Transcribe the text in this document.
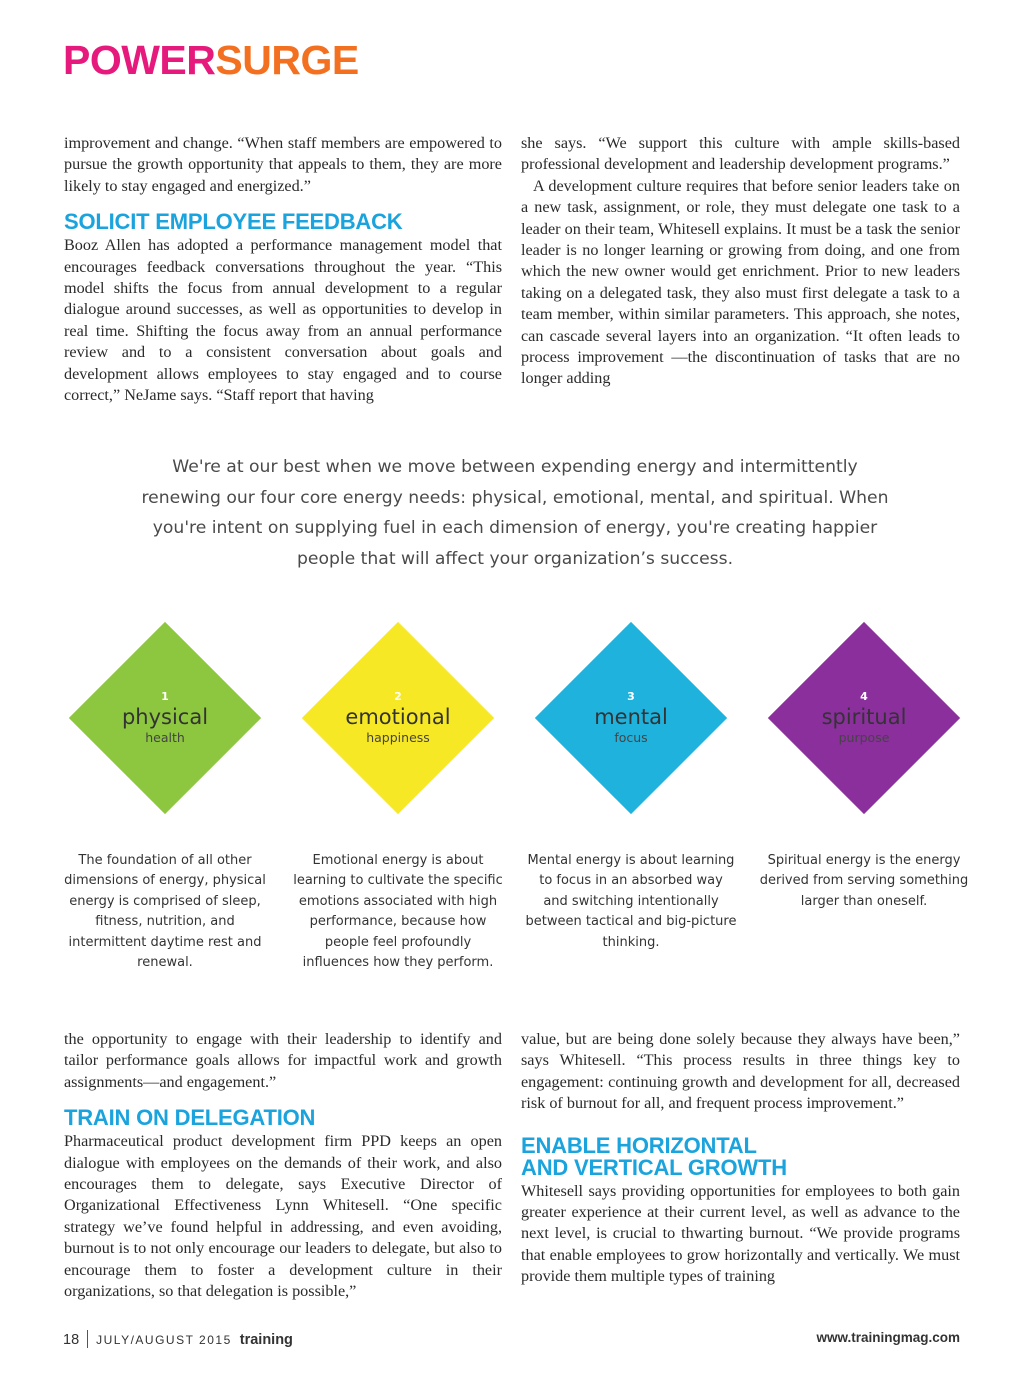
POWERSURGE

improvement and change. “When staff members are empowered to pursue the growth opportunity that appeals to them, they are more likely to stay engaged and energized.”

SOLICIT EMPLOYEE FEEDBACK

Booz Allen has adopted a performance management model that encourages feedback conversations throughout the year. “This model shifts the focus from annual development to a regular dialogue around successes, as well as opportunities to develop in real time. Shifting the focus away from an annual performance review and to a consistent conversation about goals and development allows employees to stay engaged and to course correct,” NeJame says. “Staff report that having

she says. “We support this culture with ample skills-based professional development and leadership development programs.”

A development culture requires that before senior leaders take on a new task, assignment, or role, they must delegate one task to a leader on their team, Whitesell explains. It must be a task the senior leader is no longer learning or growing from doing, and one from which the new owner would get enrichment. Prior to new leaders taking on a delegated task, they also must first delegate a task to a team member, within similar parameters. This approach, she notes, can cascade several layers into an organization. “It often leads to process improvement —the discontinuation of tasks that are no longer adding

We're at our best when we move between expending energy and intermittently renewing our four core energy needs: physical, emotional, mental, and spiritual. When you're intent on supplying fuel in each dimension of energy, you're creating happier people that will affect your organization’s success.

1
physical
health

The foundation of all other dimensions of energy, physical energy is comprised of sleep, fitness, nutrition, and intermittent daytime rest and renewal.

2
emotional
happiness

Emotional energy is about learning to cultivate the specific emotions associated with high performance, because how people feel profoundly influences how they perform.

3
mental
focus

Mental energy is about learning to focus in an absorbed way and switching intentionally between tactical and big-picture thinking.

4
spiritual
purpose

Spiritual energy is the energy derived from serving something larger than oneself.

the opportunity to engage with their leadership to identify and tailor performance goals allows for impactful work and growth assignments—and engagement.”

TRAIN ON DELEGATION

Pharmaceutical product development firm PPD keeps an open dialogue with employees on the demands of their work, and also encourages them to delegate, says Executive Director of Organizational Effectiveness Lynn Whitesell. “One specific strategy we’ve found helpful in addressing, and even avoiding, burnout is to not only encourage our leaders to delegate, but also to encourage them to foster a development culture in their organizations, so that delegation is possible,”

value, but are being done solely because they always have been,” says Whitesell. “This process results in three things key to engagement: continuing growth and development for all, decreased risk of burnout for all, and frequent process improvement.”

ENABLE HORIZONTAL
AND VERTICAL GROWTH

Whitesell says providing opportunities for employees to both gain greater experience at their current level, as well as advance to the next level, is crucial to thwarting burnout. “We provide programs that enable employees to grow horizontally and vertically. We must provide them multiple types of training

18 JULY/AUGUST 2015 training	www.trainingmag.com
